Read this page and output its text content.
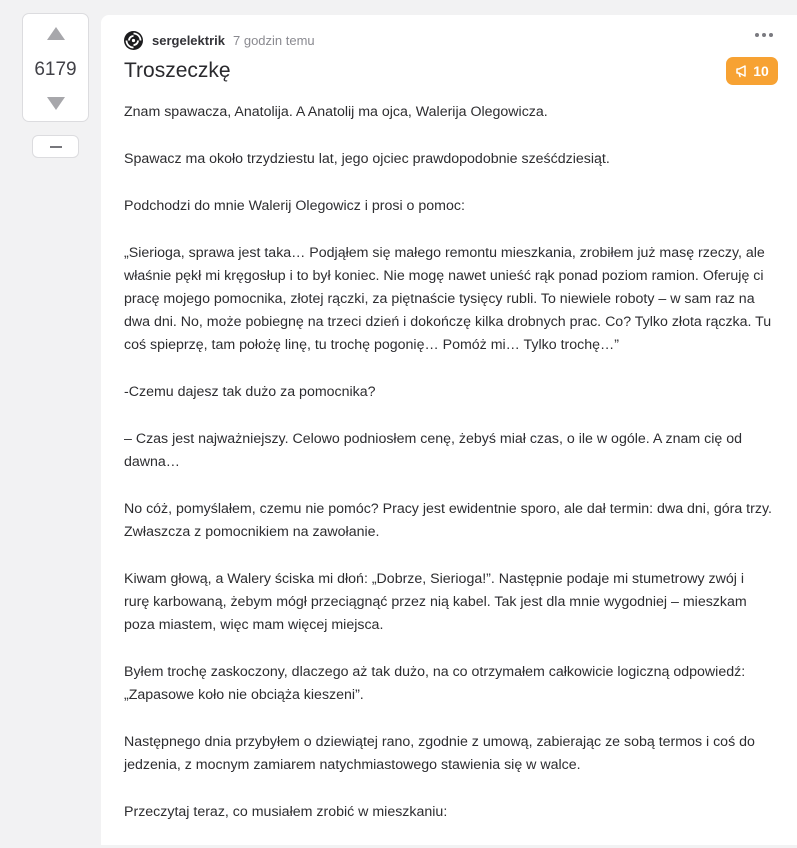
6179
sergelektrik 7 godzin temu
Troszeczkę	10

Znam spawacza, Anatolija. A Anatolij ma ojca, Walerija Olegowicza.

Spawacz ma około trzydziestu lat, jego ojciec prawdopodobnie sześćdziesiąt.

Podchodzi do mnie Walerij Olegowicz i prosi o pomoc:

„Sierioga, sprawa jest taka… Podjąłem się małego remontu mieszkania, zrobiłem już masę rzeczy, ale właśnie pękł mi kręgosłup i to był koniec. Nie mogę nawet unieść rąk ponad poziom ramion. Oferuję ci pracę mojego pomocnika, złotej rączki, za piętnaście tysięcy rubli. To niewiele roboty – w sam raz na dwa dni. No, może pobiegnę na trzeci dzień i dokończę kilka drobnych prac. Co? Tylko złota rączka. Tu coś spieprzę, tam położę linę, tu trochę pogonię… Pomóż mi… Tylko trochę…”

-Czemu dajesz tak dużo za pomocnika?

– Czas jest najważniejszy. Celowo podniosłem cenę, żebyś miał czas, o ile w ogóle. A znam cię od dawna…

No cóż, pomyślałem, czemu nie pomóc? Pracy jest ewidentnie sporo, ale dał termin: dwa dni, góra trzy. Zwłaszcza z pomocnikiem na zawołanie.

Kiwam głową, a Walery ściska mi dłoń: „Dobrze, Sierioga!”. Następnie podaje mi stumetrowy zwój i rurę karbowaną, żebym mógł przeciągnąć przez nią kabel. Tak jest dla mnie wygodniej – mieszkam poza miastem, więc mam więcej miejsca.

Byłem trochę zaskoczony, dlaczego aż tak dużo, na co otrzymałem całkowicie logiczną odpowiedź: „Zapasowe koło nie obciąża kieszeni”.

Następnego dnia przybyłem o dziewiątej rano, zgodnie z umową, zabierając ze sobą termos i coś do jedzenia, z mocnym zamiarem natychmiastowego stawienia się w walce.

Przeczytaj teraz, co musiałem zrobić w mieszkaniu:
